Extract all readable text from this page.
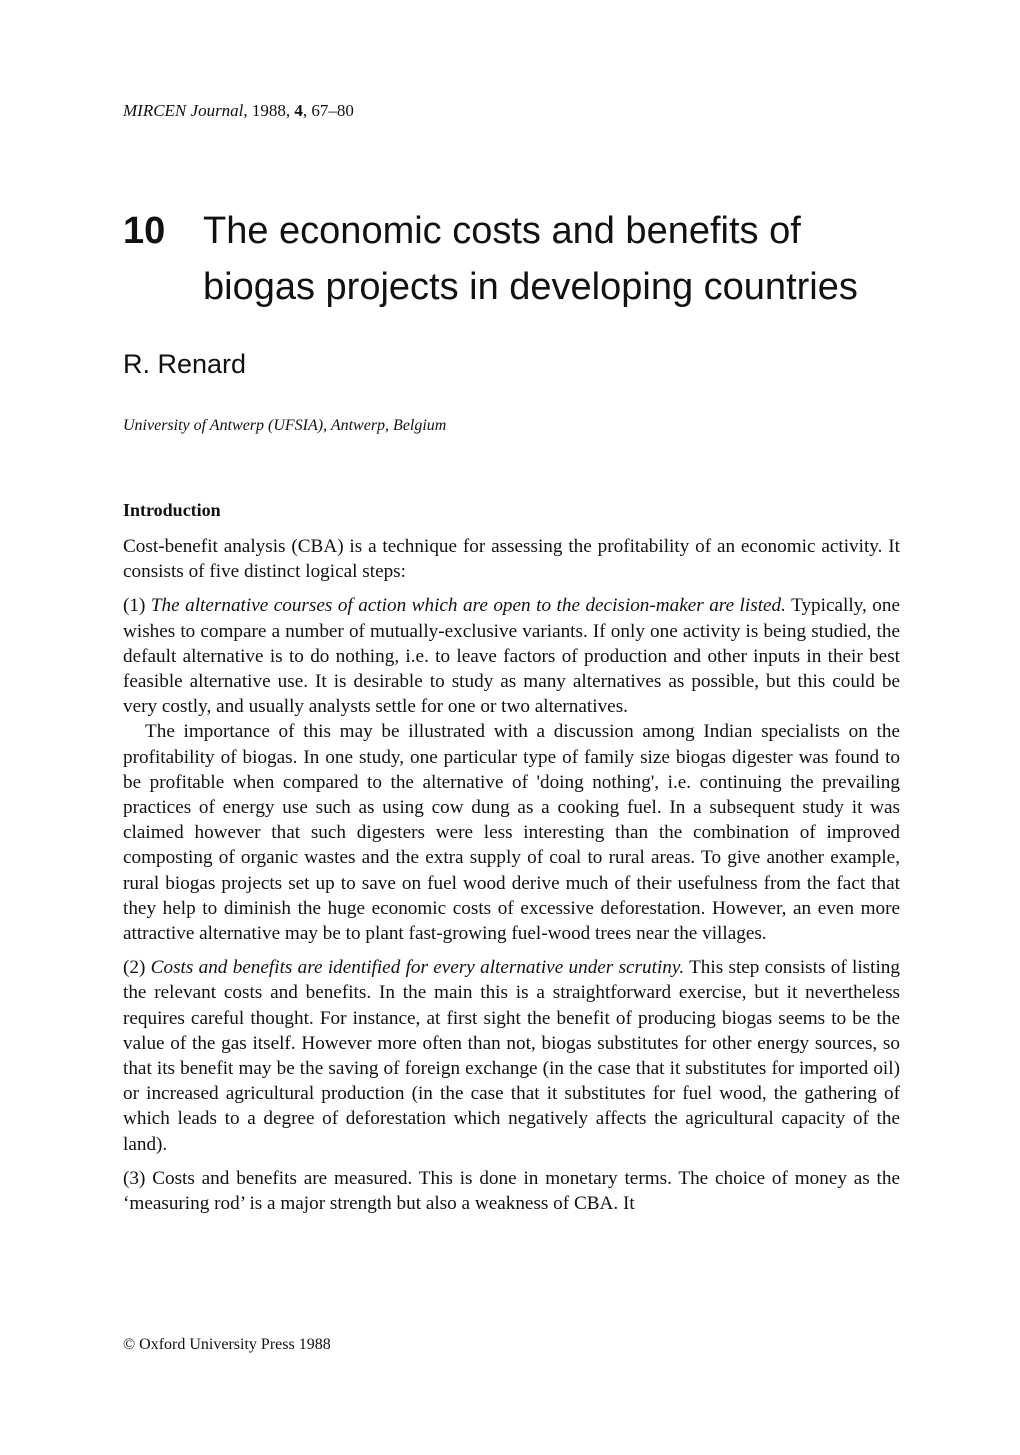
MIRCEN Journal, 1988, 4, 67–80
10 The economic costs and benefits of
biogas projects in developing countries
R. Renard
University of Antwerp (UFSIA), Antwerp, Belgium
Introduction

Cost-benefit analysis (CBA) is a technique for assessing the profitability of an economic activity. It consists of five distinct logical steps:

(1) The alternative courses of action which are open to the decision-maker are listed. Typically, one wishes to compare a number of mutually-exclusive variants. If only one activity is being studied, the default alternative is to do nothing, i.e. to leave factors of production and other inputs in their best feasible alternative use. It is desirable to study as many alternatives as possible, but this could be very costly, and usually analysts settle for one or two alternatives.

The importance of this may be illustrated with a discussion among Indian specialists on the profitability of biogas. In one study, one particular type of family size biogas digester was found to be profitable when compared to the alternative of 'doing nothing', i.e. continuing the prevailing practices of energy use such as using cow dung as a cooking fuel. In a subsequent study it was claimed however that such digesters were less interesting than the combination of improved composting of organic wastes and the extra supply of coal to rural areas. To give another example, rural biogas projects set up to save on fuel wood derive much of their usefulness from the fact that they help to diminish the huge economic costs of excessive deforestation. However, an even more attractive alternative may be to plant fast-growing fuel-wood trees near the villages.

(2) Costs and benefits are identified for every alternative under scrutiny. This step consists of listing the relevant costs and benefits. In the main this is a straightforward exercise, but it nevertheless requires careful thought. For instance, at first sight the benefit of producing biogas seems to be the value of the gas itself. However more often than not, biogas substitutes for other energy sources, so that its benefit may be the saving of foreign exchange (in the case that it substitutes for imported oil) or increased agricultural production (in the case that it substitutes for fuel wood, the gathering of which leads to a degree of deforestation which negatively affects the agricultural capacity of the land).

(3) Costs and benefits are measured. This is done in monetary terms. The choice of money as the ‘measuring rod’ is a major strength but also a weakness of CBA. It

© Oxford University Press 1988
